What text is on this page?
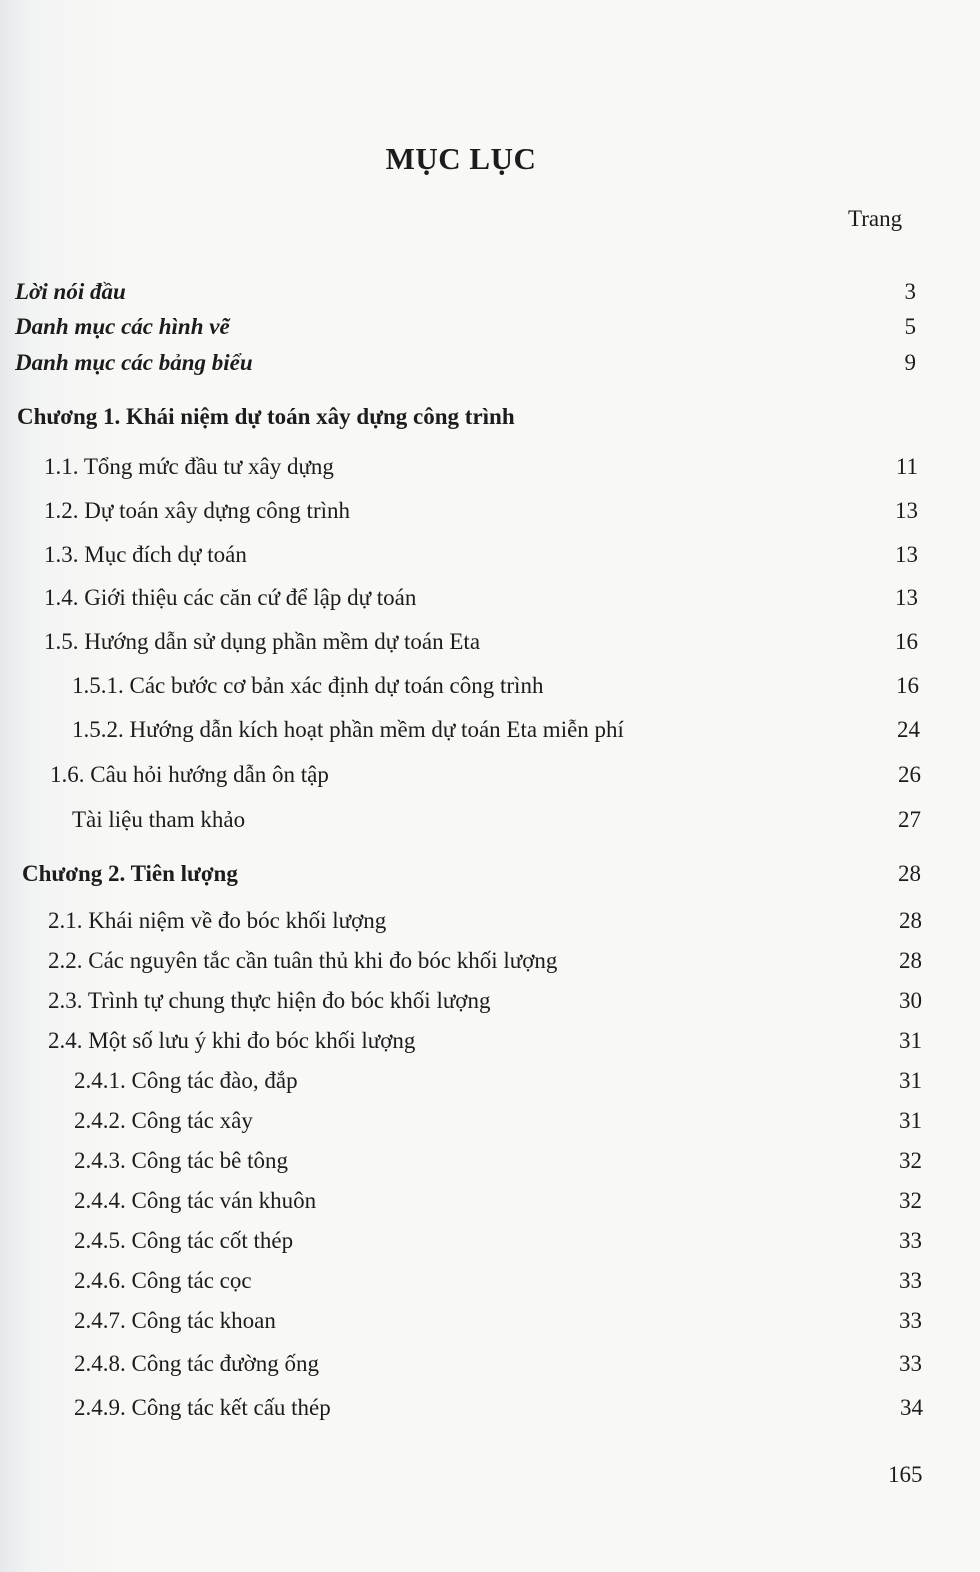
MỤC LỤC
Trang
Lời nói đầu	3
Danh mục các hình vẽ	5
Danh mục các bảng biểu	9
Chương 1. Khái niệm dự toán xây dựng công trình
1.1. Tổng mức đầu tư xây dựng	11
1.2. Dự toán xây dựng công trình	13
1.3. Mục đích dự toán	13
1.4. Giới thiệu các căn cứ để lập dự toán	13
1.5. Hướng dẫn sử dụng phần mềm dự toán Eta	16
1.5.1. Các bước cơ bản xác định dự toán công trình	16
1.5.2. Hướng dẫn kích hoạt phần mềm dự toán Eta miễn phí	24
1.6. Câu hỏi hướng dẫn ôn tập	26
Tài liệu tham khảo	27
Chương 2. Tiên lượng	28
2.1. Khái niệm về đo bóc khối lượng	28
2.2. Các nguyên tắc cần tuân thủ khi đo bóc khối lượng	28
2.3. Trình tự chung thực hiện đo bóc khối lượng	30
2.4. Một số lưu ý khi đo bóc khối lượng	31
2.4.1. Công tác đào, đắp	31
2.4.2. Công tác xây	31
2.4.3. Công tác bê tông	32
2.4.4. Công tác ván khuôn	32
2.4.5. Công tác cốt thép	33
2.4.6. Công tác cọc	33
2.4.7. Công tác khoan	33
2.4.8. Công tác đường ống	33
2.4.9. Công tác kết cấu thép	34
165
